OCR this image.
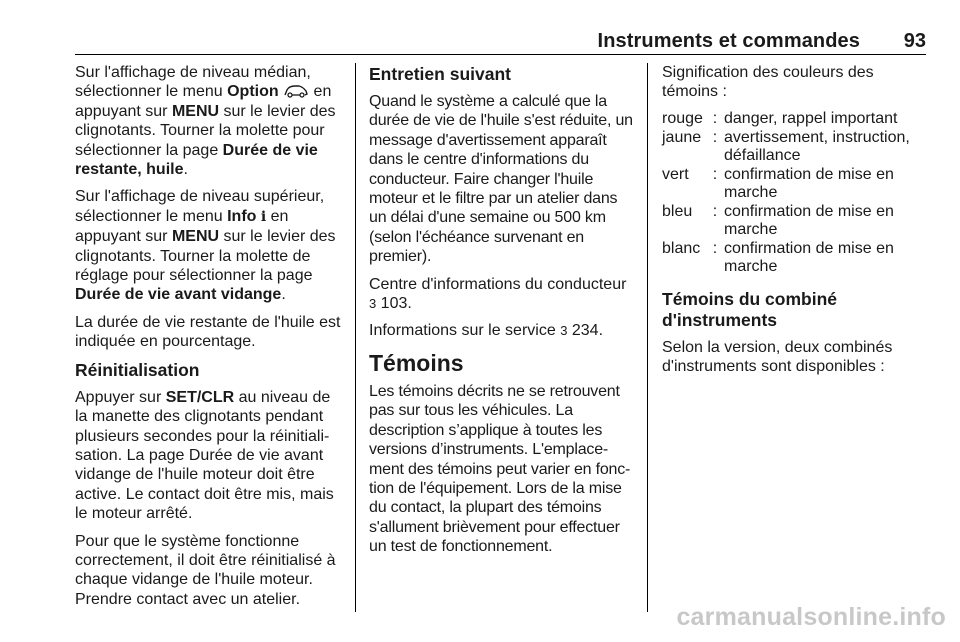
Instruments et commandes 93

Sur l'affichage de niveau médian, sélectionner le menu Option  en appuyant sur MENU sur le levier des clignotants. Tourner la molette pour sélectionner la page Durée de vie restante, huile.

Sur l'affichage de niveau supérieur, sélectionner le menu Info i en appuyant sur MENU sur le levier des clignotants. Tourner la molette de réglage pour sélectionner la page Durée de vie avant vidange.

La durée de vie restante de l'huile est indiquée en pourcentage.

Réinitialisation

Appuyer sur SET/CLR au niveau de la manette des clignotants pendant plusieurs secondes pour la réinitiali- sation. La page Durée de vie avant vidange de l'huile moteur doit être active. Le contact doit être mis, mais le moteur arrêté.

Pour que le système fonctionne correctement, il doit être réinitialisé à chaque vidange de l'huile moteur. Prendre contact avec un atelier.

Entretien suivant

Quand le système a calculé que la durée de vie de l'huile s'est réduite, un message d'avertissement apparaît dans le centre d'informations du conducteur. Faire changer l'huile moteur et le filtre par un atelier dans un délai d'une semaine ou 500 km (selon l'échéance survenant en premier).

Centre d'informations du conducteur
3 103.

Informations sur le service 3 234.

Témoins

Les témoins décrits ne se retrouvent pas sur tous les véhicules. La description s’applique à toutes les versions d’instruments. L'emplace- ment des témoins peut varier en fonc- tion de l'équipement. Lors de la mise du contact, la plupart des témoins s'allument brièvement pour effectuer un test de fonctionnement.

Signification des couleurs des témoins :

rouge	:	danger, rappel important
jaune	:	avertissement, instruction, défaillance
vert	:	confirmation de mise en marche
bleu	:	confirmation de mise en marche
blanc	:	confirmation de mise en marche
Témoins du combiné d'instruments

Selon la version, deux combinés d'instruments sont disponibles :

carmanualsonline.info
